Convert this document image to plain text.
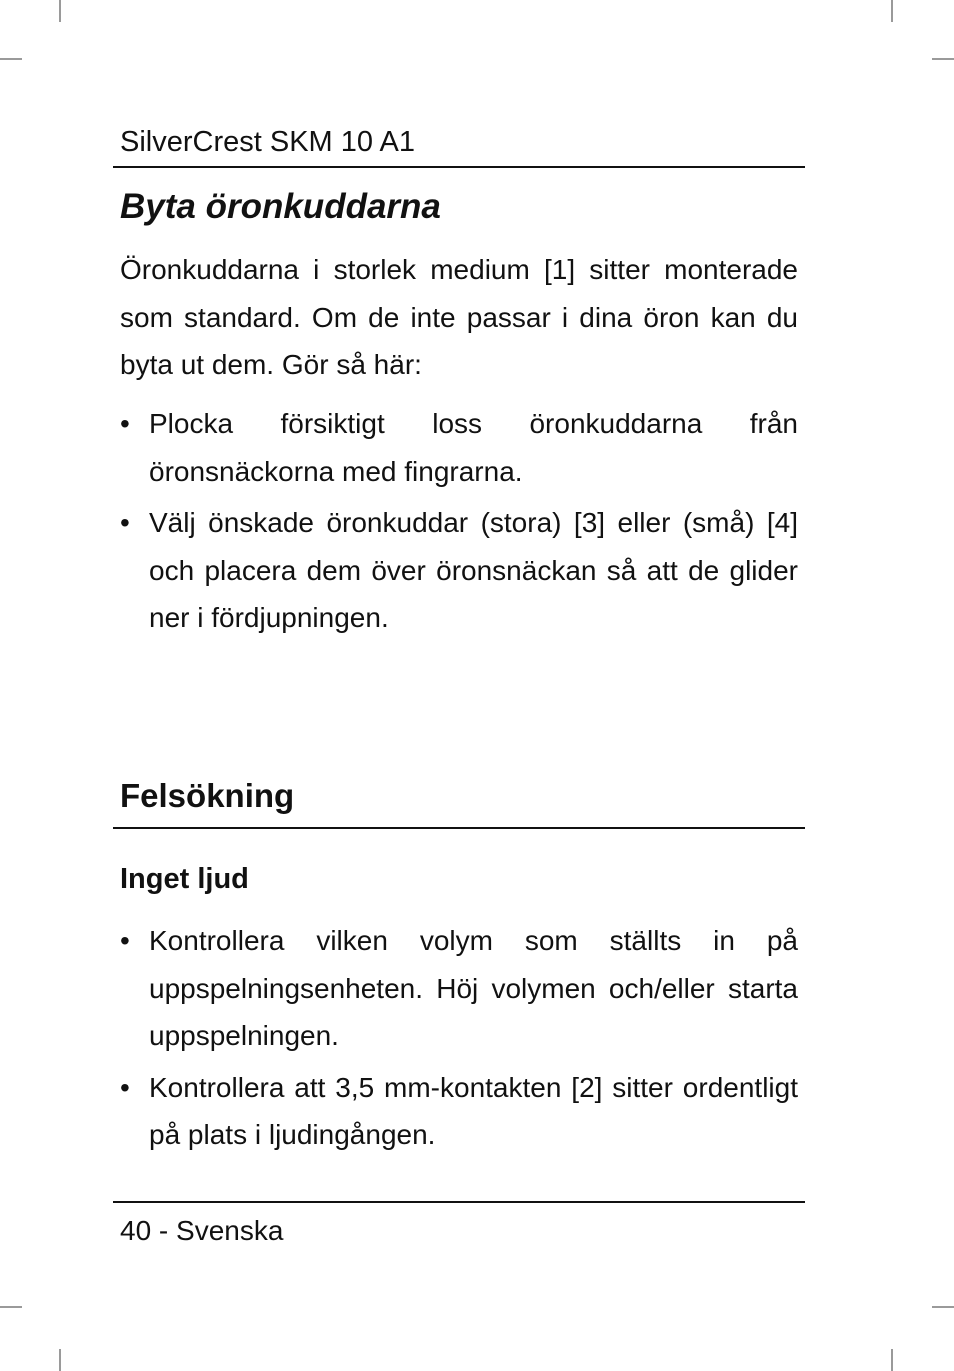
SilverCrest SKM 10 A1
Byta öronkuddarna

Öronkuddarna i storlek medium [1] sitter monterade som standard. Om de inte passar i dina öron kan du byta ut dem. Gör så här:

• Plocka försiktigt loss öronkuddarna från öronsnäckorna med fingrarna.
• Välj önskade öronkuddar (stora) [3] eller (små) [4] och placera dem över öronsnäckan så att de glider ner i fördjupningen.
Felsökning
Inget ljud
• Kontrollera vilken volym som ställts in på uppspelningsenheten. Höj volymen och/eller starta uppspelningen.
• Kontrollera att 3,5 mm-kontakten [2] sitter ordentligt på plats i ljudingången.
40 - Svenska
